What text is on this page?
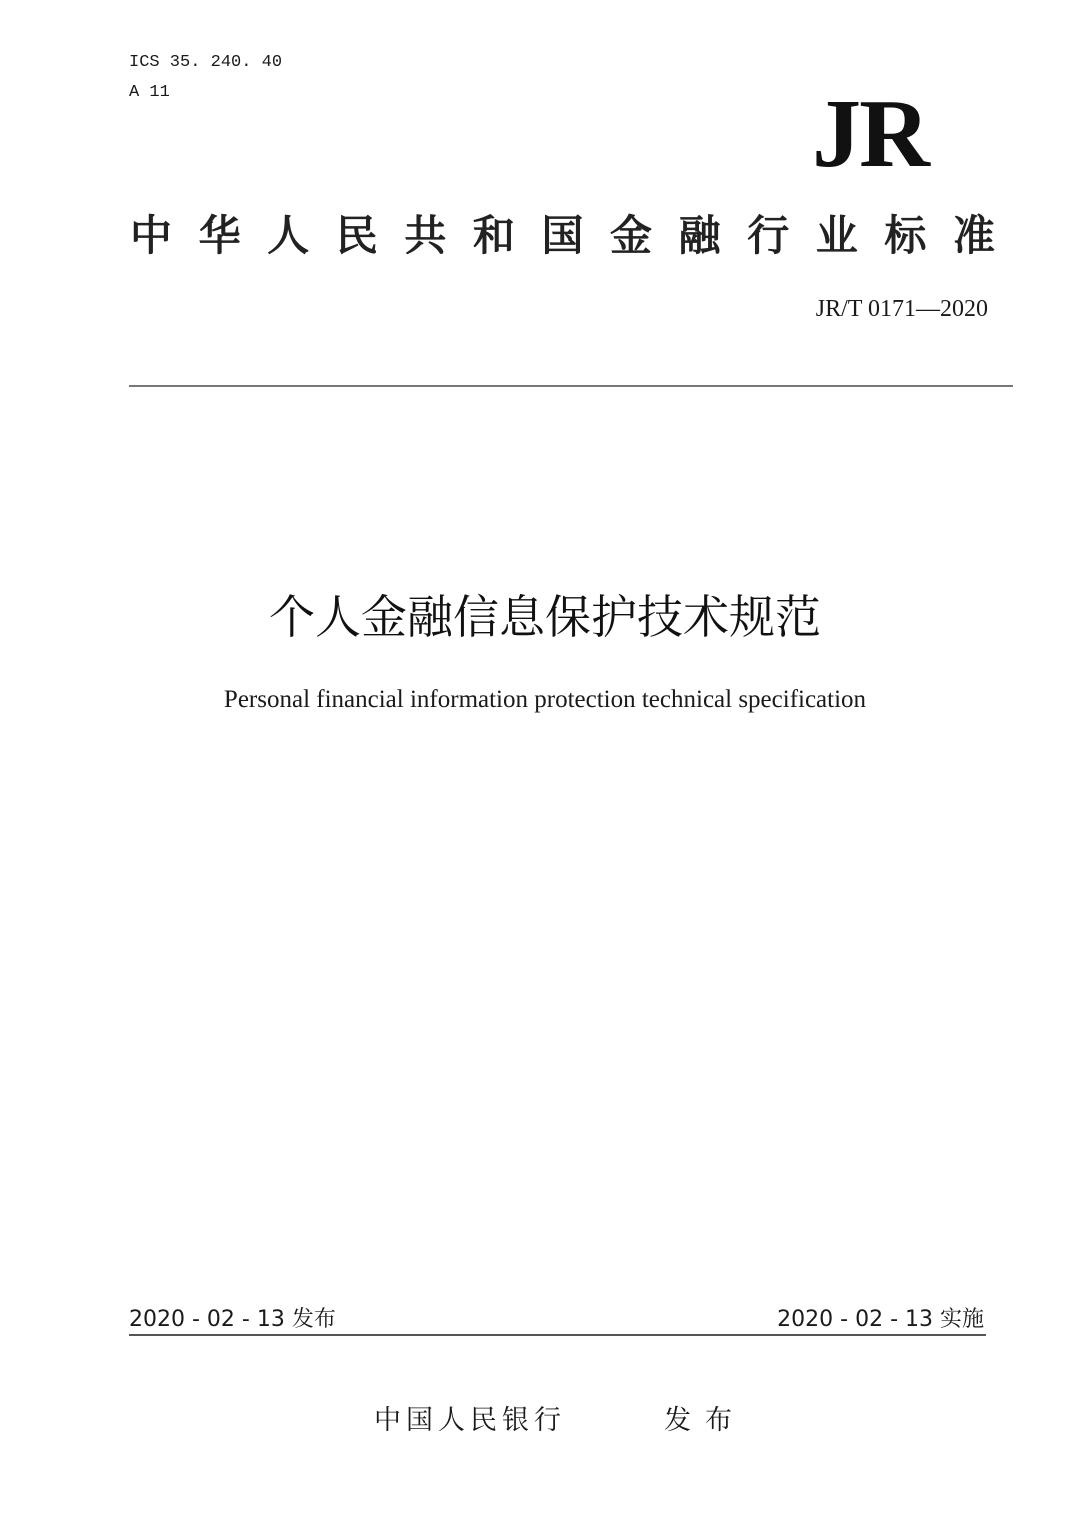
ICS 35. 240. 40
A 11	JR
中 华 人 民 共 和 国 金 融 行 业 标 准
JR/T 0171—2020
个人金融信息保护技术规范
Personal financial information protection technical specification
2020 - 02 - 13 发布	2020 - 02 - 13 实施
中国人民银行	发布
